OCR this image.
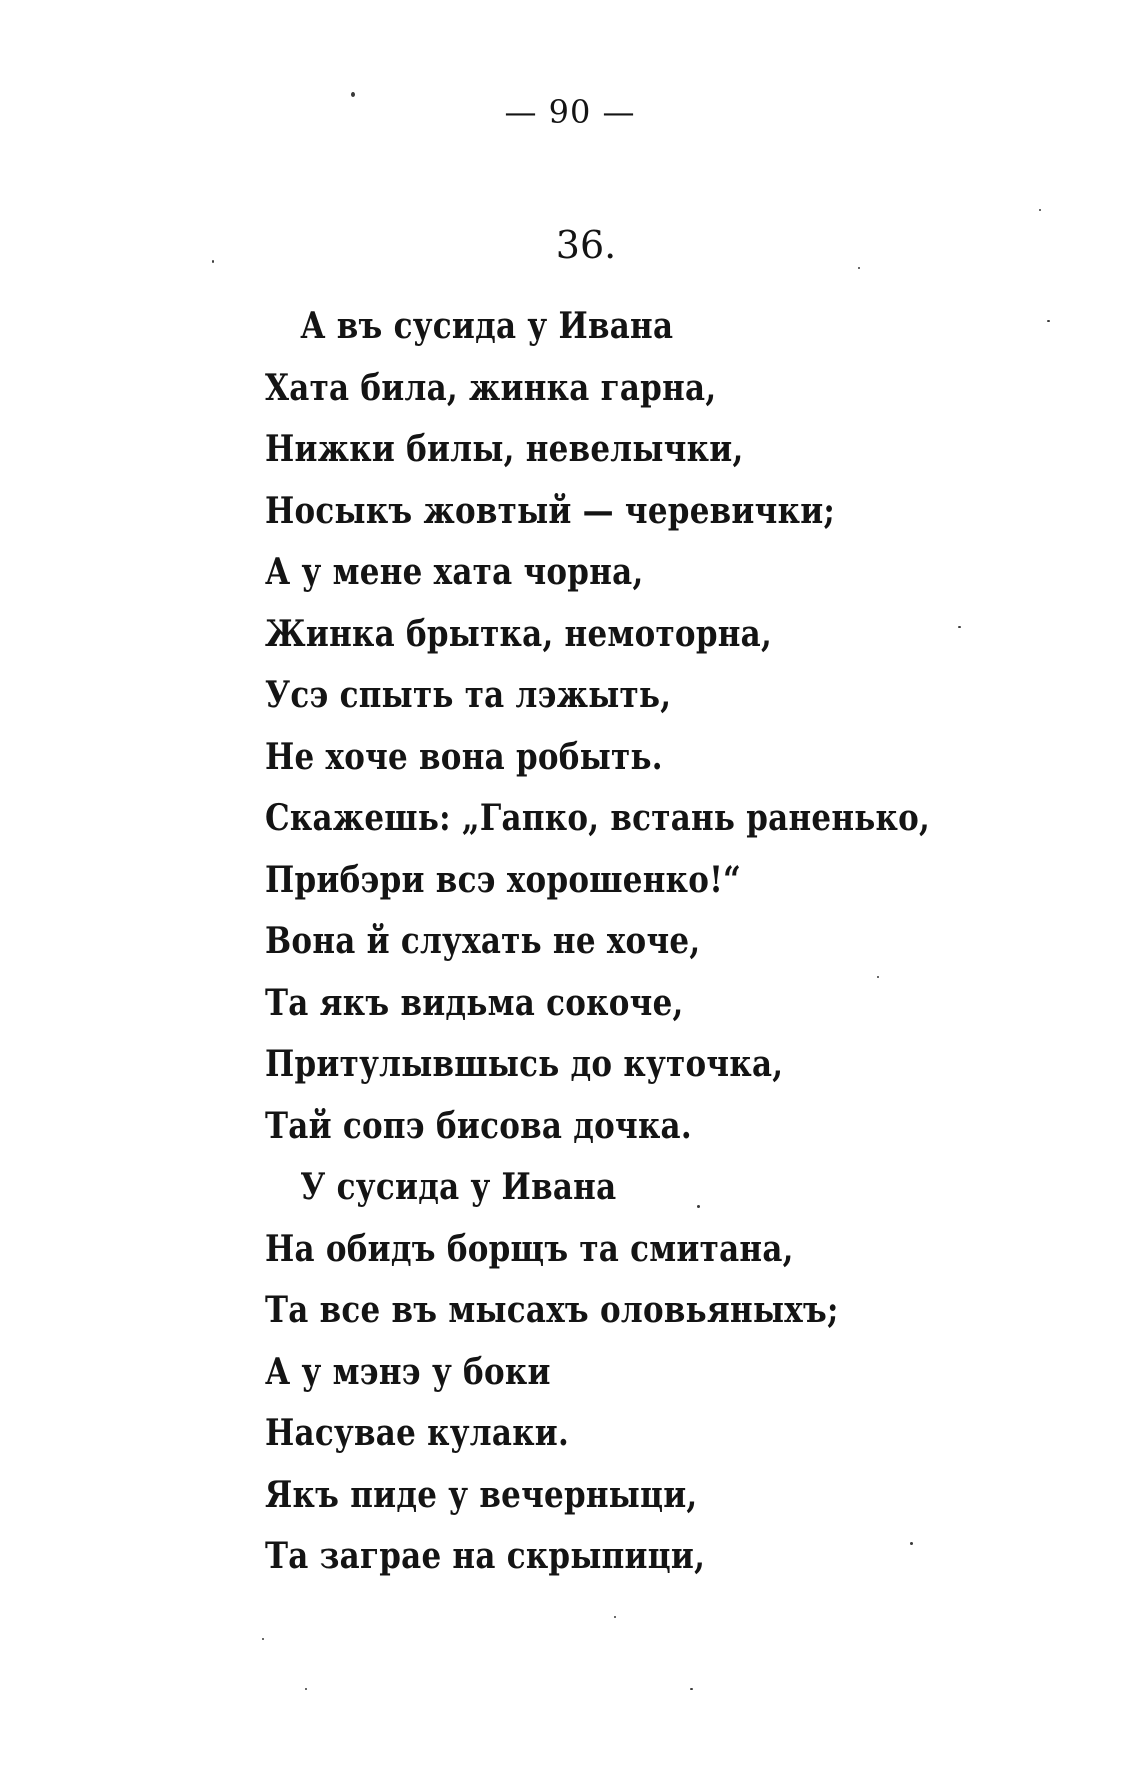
— 90 —
36.
А въ сусида у Ивана
Хата била, жинка гарна,
Нижки билы, невелычки,
Носыкъ жовтый — черевички;
А у мене хата чорна,
Жинка брытка, немоторна,
Усэ спыть та лэжыть,
Не хоче вона робыть.
Скажешь: „Гапко, встань раненько,
Прибэри всэ хорошенко!“
Вона й слухать не хоче,
Та якъ видьма сокоче,
Притулывшысь до куточка,
Тай сопэ бисова дочка.
У сусида у Ивана
На обидъ борщъ та смитана,
Та все въ мысахъ оловьяныхъ;
А у мэнэ у боки
Насувае кулаки.
Якъ пиде у вечерныци,
Та заграе на скрыпици,
